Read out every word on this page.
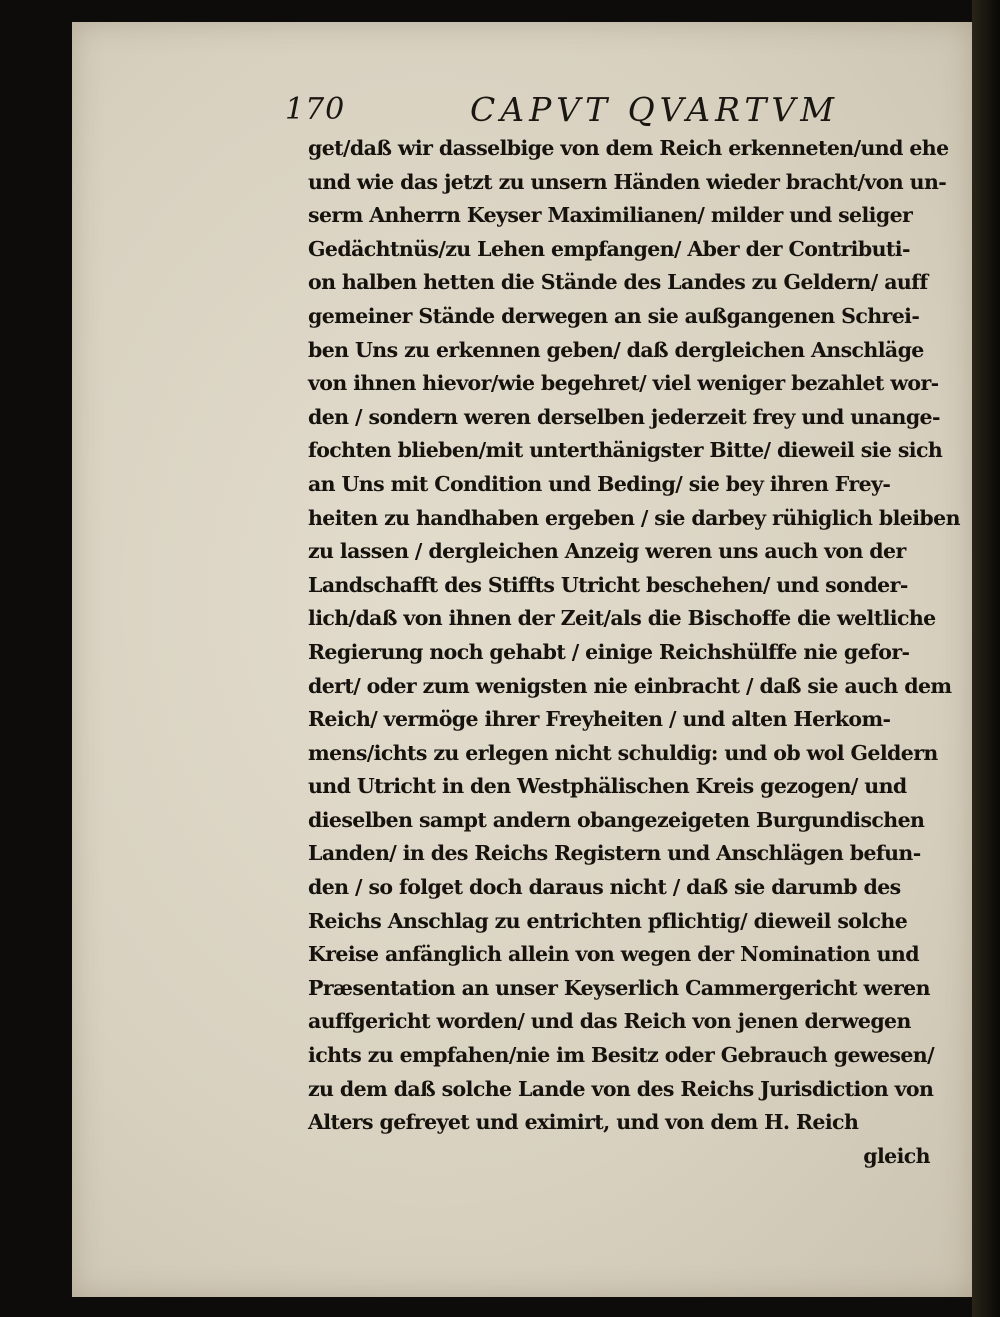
170	CAPVT QVARTVM
get/daß wir dasselbige von dem Reich erkenneten/und ehe
und wie das jetzt zu unsern Händen wieder bracht/von un-
serm Anherrn Keyser Maximilianen/ milder und seliger
Gedächtnüs/zu Lehen empfangen/ Aber der Contributi-
on halben hetten die Stände des Landes zu Geldern/ auff
gemeiner Stände derwegen an sie außgangenen Schrei-
ben Uns zu erkennen geben/ daß dergleichen Anschläge
von ihnen hievor/wie begehret/ viel weniger bezahlet wor-
den / sondern weren derselben jederzeit frey und unange-
fochten blieben/mit unterthänigster Bitte/ dieweil sie sich
an Uns mit Condition und Beding/ sie bey ihren Frey-
heiten zu handhaben ergeben / sie darbey rühiglich bleiben
zu lassen / dergleichen Anzeig weren uns auch von der
Landschafft des Stiffts Utricht beschehen/ und sonder-
lich/daß von ihnen der Zeit/als die Bischoffe die weltliche
Regierung noch gehabt / einige Reichshülffe nie gefor-
dert/ oder zum wenigsten nie einbracht / daß sie auch dem
Reich/ vermöge ihrer Freyheiten / und alten Herkom-
mens/ichts zu erlegen nicht schuldig: und ob wol Geldern
und Utricht in den Westphälischen Kreis gezogen/ und
dieselben sampt andern obangezeigeten Burgundischen
Landen/ in des Reichs Registern und Anschlägen befun-
den / so folget doch daraus nicht / daß sie darumb des
Reichs Anschlag zu entrichten pflichtig/ dieweil solche
Kreise anfänglich allein von wegen der Nomination und
Præsentation an unser Keyserlich Cammergericht weren
auffgericht worden/ und das Reich von jenen derwegen
ichts zu empfahen/nie im Besitz oder Gebrauch gewesen/
zu dem daß solche Lande von des Reichs Jurisdiction von
Alters gefreyet und eximirt, und von dem H. Reich
gleich
